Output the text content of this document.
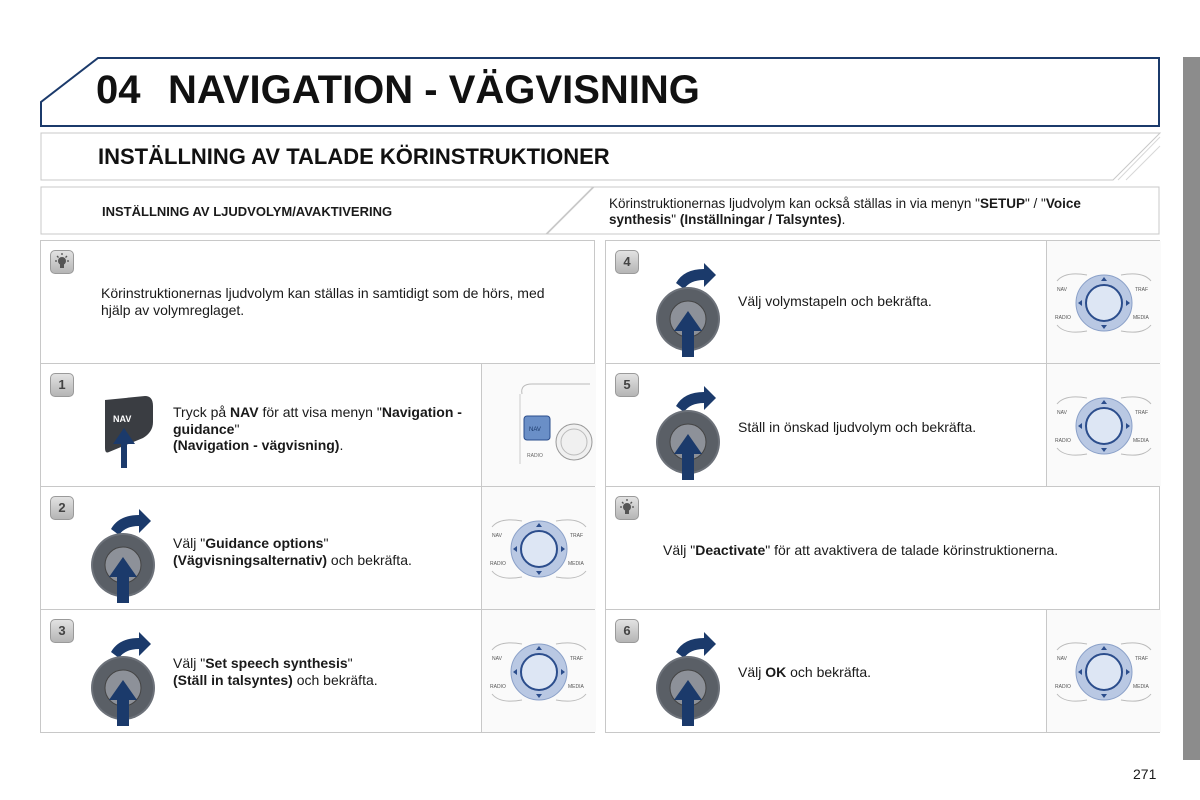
04 NAVIGATION - VÄGVISNING
INSTÄLLNING AV TALADE KÖRINSTRUKTIONER
INSTÄLLNING AV LJUDVOLYM/AVAKTIVERING
Körinstruktionernas ljudvolym kan också ställas in via menyn "SETUP" / "Voice synthesis" (Inställningar / Talsyntes).
Körinstruktionernas ljudvolym kan ställas in samtidigt som de hörs, med hjälp av volymreglaget.
1
NAV	Tryck på NAV för att visa menyn "Navigation - guidance"
(Navigation - vägvisning).
NAV
RADIO
2
Välj "Guidance options"
(Vägvisningsalternativ) och bekräfta.
NAV	TRAF
RADIO	MEDIA
3
Välj "Set speech synthesis"
(Ställ in talsyntes) och bekräfta.
NAV	TRAF
RADIO	MEDIA
4
Välj volymstapeln och bekräfta.
NAV	TRAF
RADIO	MEDIA
5
Ställ in önskad ljudvolym och bekräfta.
NAV	TRAF
RADIO	MEDIA
Välj "Deactivate" för att avaktivera de talade körinstruktionerna.
6
Välj OK och bekräfta.
NAV	TRAF
RADIO	MEDIA
271
